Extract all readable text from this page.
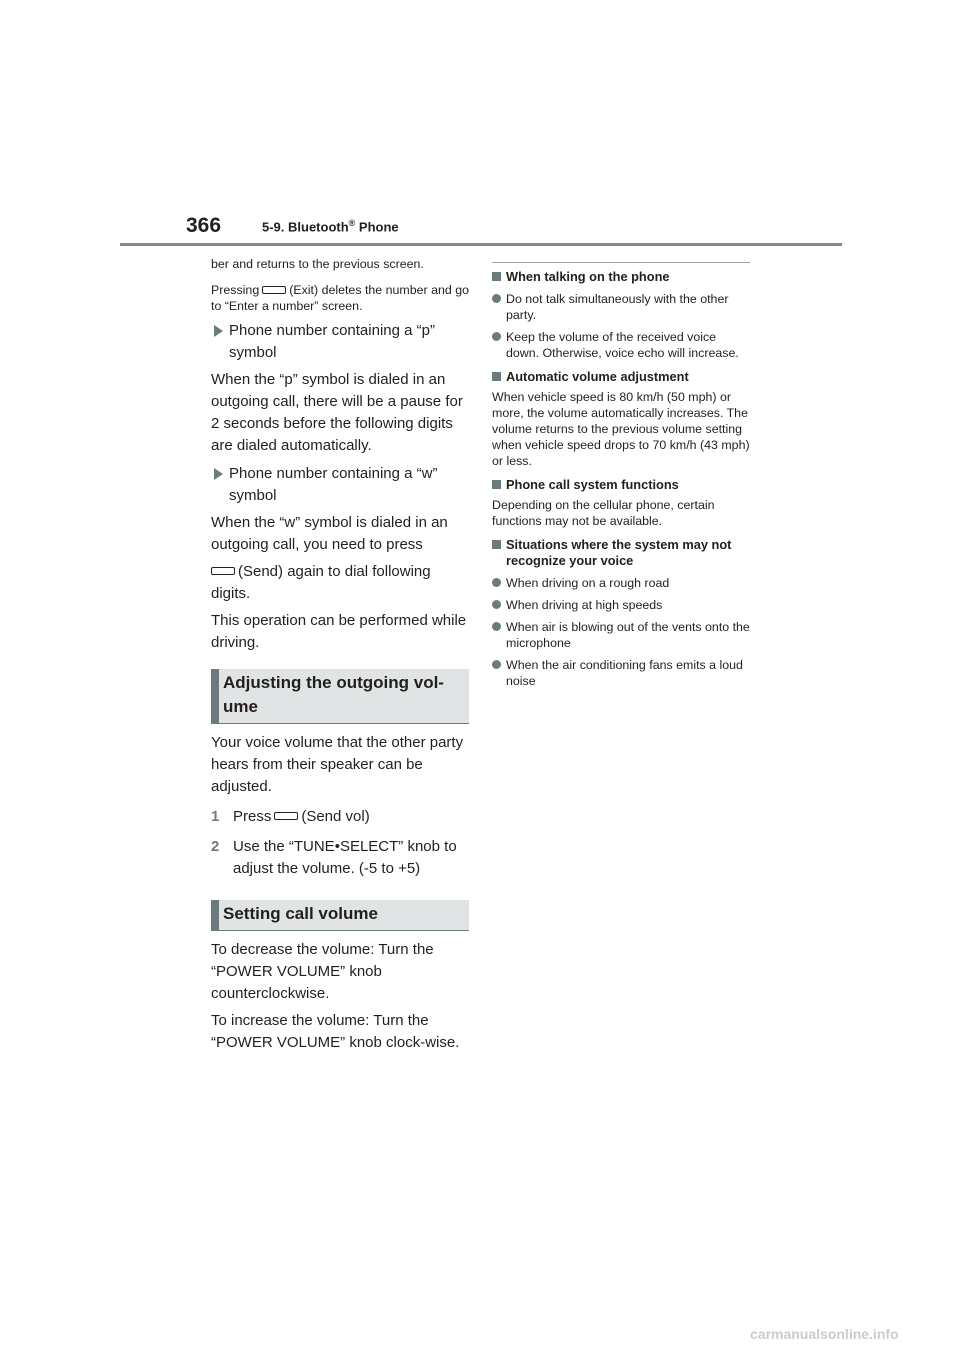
366	5-9. Bluetooth® Phone

ber and returns to the previous screen.

Pressing (Exit) deletes the number and go to “Enter a number” screen.

Phone number containing a “p” symbol

When the “p” symbol is dialed in an outgoing call, there will be a pause for 2 seconds before the following digits are dialed automatically.

Phone number containing a “w” symbol

When the “w” symbol is dialed in an outgoing call, you need to press

(Send) again to dial following digits.

This operation can be performed while driving.

Adjusting the outgoing vol-ume

Your voice volume that the other party hears from their speaker can be adjusted.

1 Press (Send vol)
2 Use the “TUNE•SELECT” knob to adjust the volume. (-5 to +5)
Setting call volume

To decrease the volume: Turn the “POWER VOLUME” knob counterclockwise.

To increase the volume: Turn the “POWER VOLUME” knob clock-wise.

When talking on the phone

Do not talk simultaneously with the other party.

Keep the volume of the received voice down. Otherwise, voice echo will increase.

Automatic volume adjustment

When vehicle speed is 80 km/h (50 mph) or more, the volume automatically increases. The volume returns to the previous volume setting when vehicle speed drops to 70 km/h (43 mph) or less.

Phone call system functions

Depending on the cellular phone, certain functions may not be available.

Situations where the system may not recognize your voice

When driving on a rough road

When driving at high speeds

When air is blowing out of the vents onto the microphone

When the air conditioning fans emits a loud noise

carmanualsonline.info
